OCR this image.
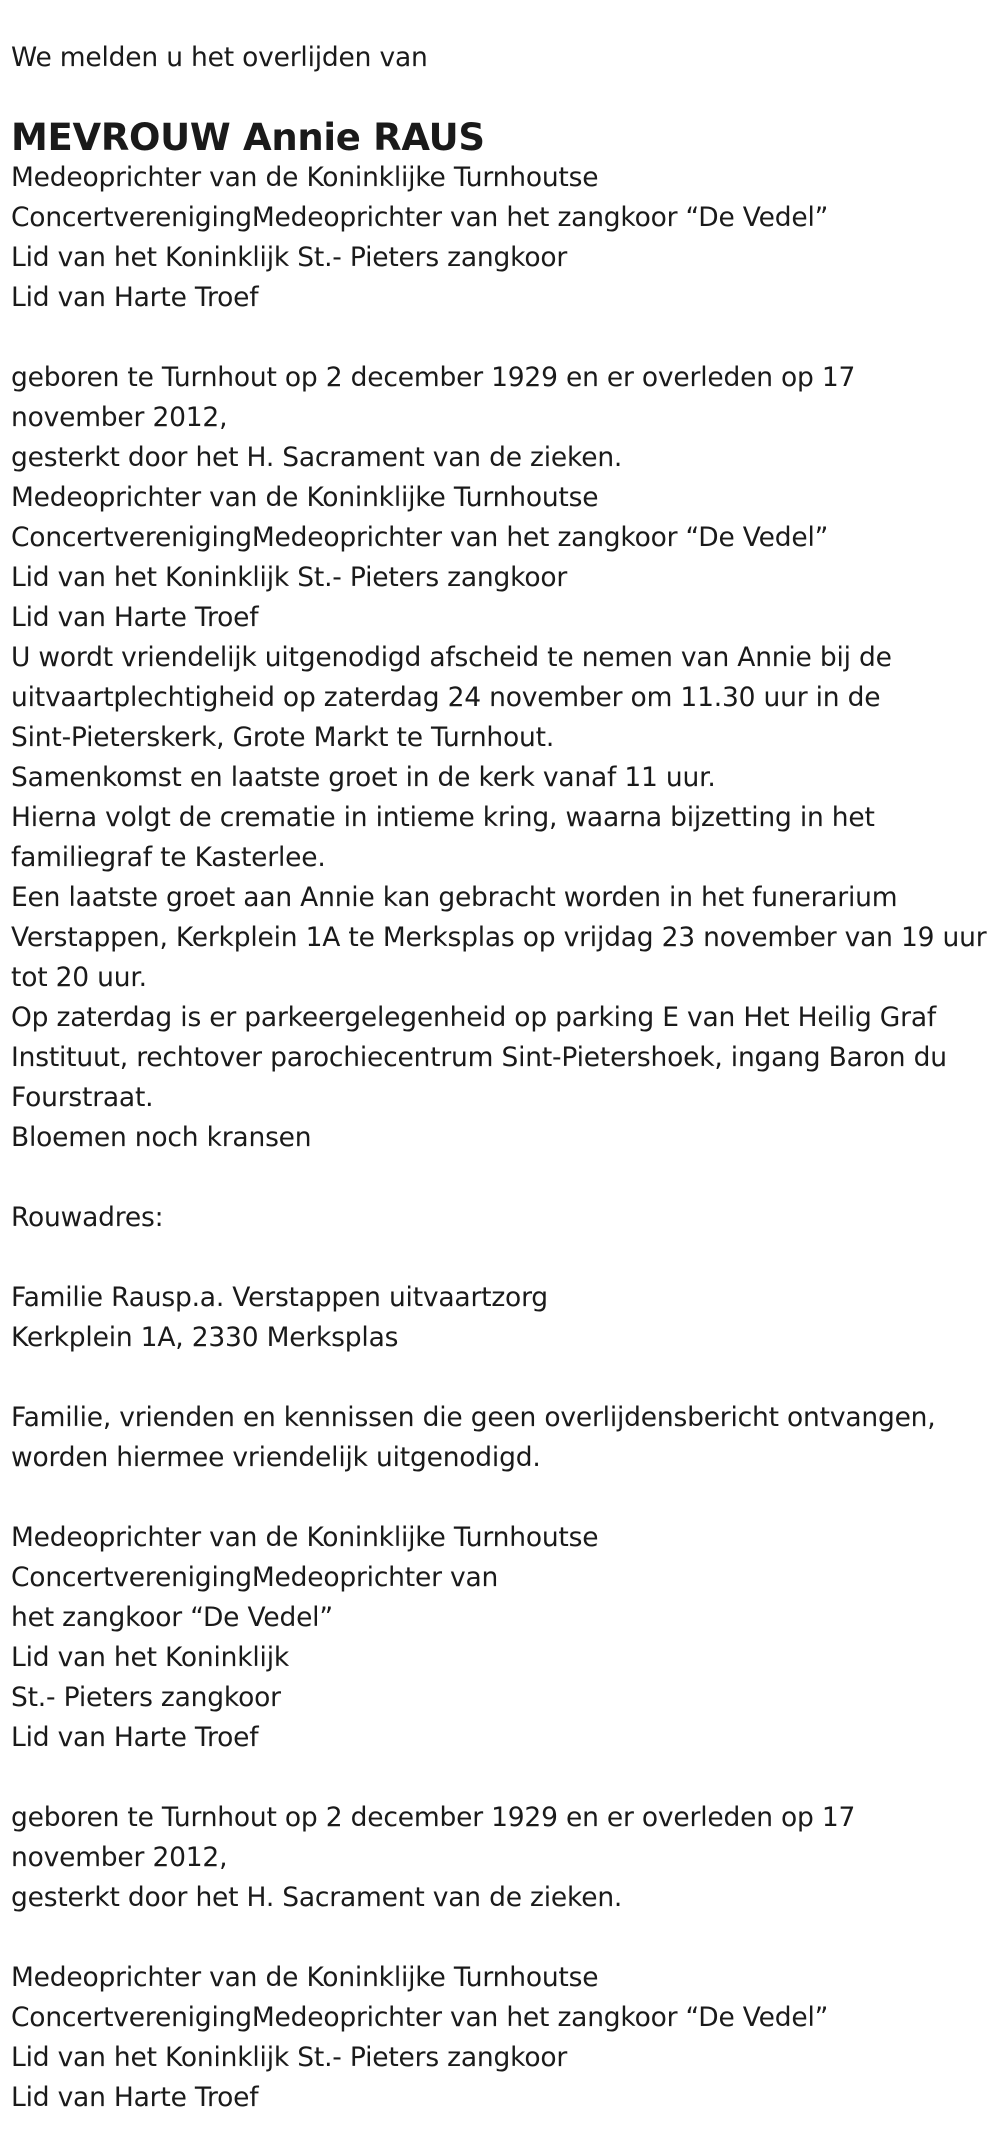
We melden u het overlijden van
MEVROUW Annie RAUS
Medeoprichter van de Koninklijke Turnhoutse
ConcertverenigingMedeoprichter van het zangkoor “De Vedel”
Lid van het Koninklijk St.- Pieters zangkoor
Lid van Harte Troef
geboren te Turnhout op 2 december 1929 en er overleden op 17
november 2012,
gesterkt door het H. Sacrament van de zieken.
Medeoprichter van de Koninklijke Turnhoutse
ConcertverenigingMedeoprichter van het zangkoor “De Vedel”
Lid van het Koninklijk St.- Pieters zangkoor
Lid van Harte Troef
U wordt vriendelijk uitgenodigd afscheid te nemen van Annie bij de
uitvaartplechtigheid op zaterdag 24 november om 11.30 uur in de
Sint-Pieterskerk, Grote Markt te Turnhout.
Samenkomst en laatste groet in de kerk vanaf 11 uur.
Hierna volgt de crematie in intieme kring, waarna bijzetting in het
familiegraf te Kasterlee.
Een laatste groet aan Annie kan gebracht worden in het funerarium
Verstappen, Kerkplein 1A te Merksplas op vrijdag 23 november van 19 uur
tot 20 uur.
Op zaterdag is er parkeergelegenheid op parking E van Het Heilig Graf
Instituut, rechtover parochiecentrum Sint-Pietershoek, ingang Baron du
Fourstraat.
Bloemen noch kransen
Rouwadres:
Familie Rausp.a. Verstappen uitvaartzorg
Kerkplein 1A, 2330 Merksplas
Familie, vrienden en kennissen die geen overlijdensbericht ontvangen,
worden hiermee vriendelijk uitgenodigd.
Medeoprichter van de Koninklijke Turnhoutse
ConcertverenigingMedeoprichter van
het zangkoor “De Vedel”
Lid van het Koninklijk
St.- Pieters zangkoor
Lid van Harte Troef
geboren te Turnhout op 2 december 1929 en er overleden op 17
november 2012,
gesterkt door het H. Sacrament van de zieken.
Medeoprichter van de Koninklijke Turnhoutse
ConcertverenigingMedeoprichter van het zangkoor “De Vedel”
Lid van het Koninklijk St.- Pieters zangkoor
Lid van Harte Troef
